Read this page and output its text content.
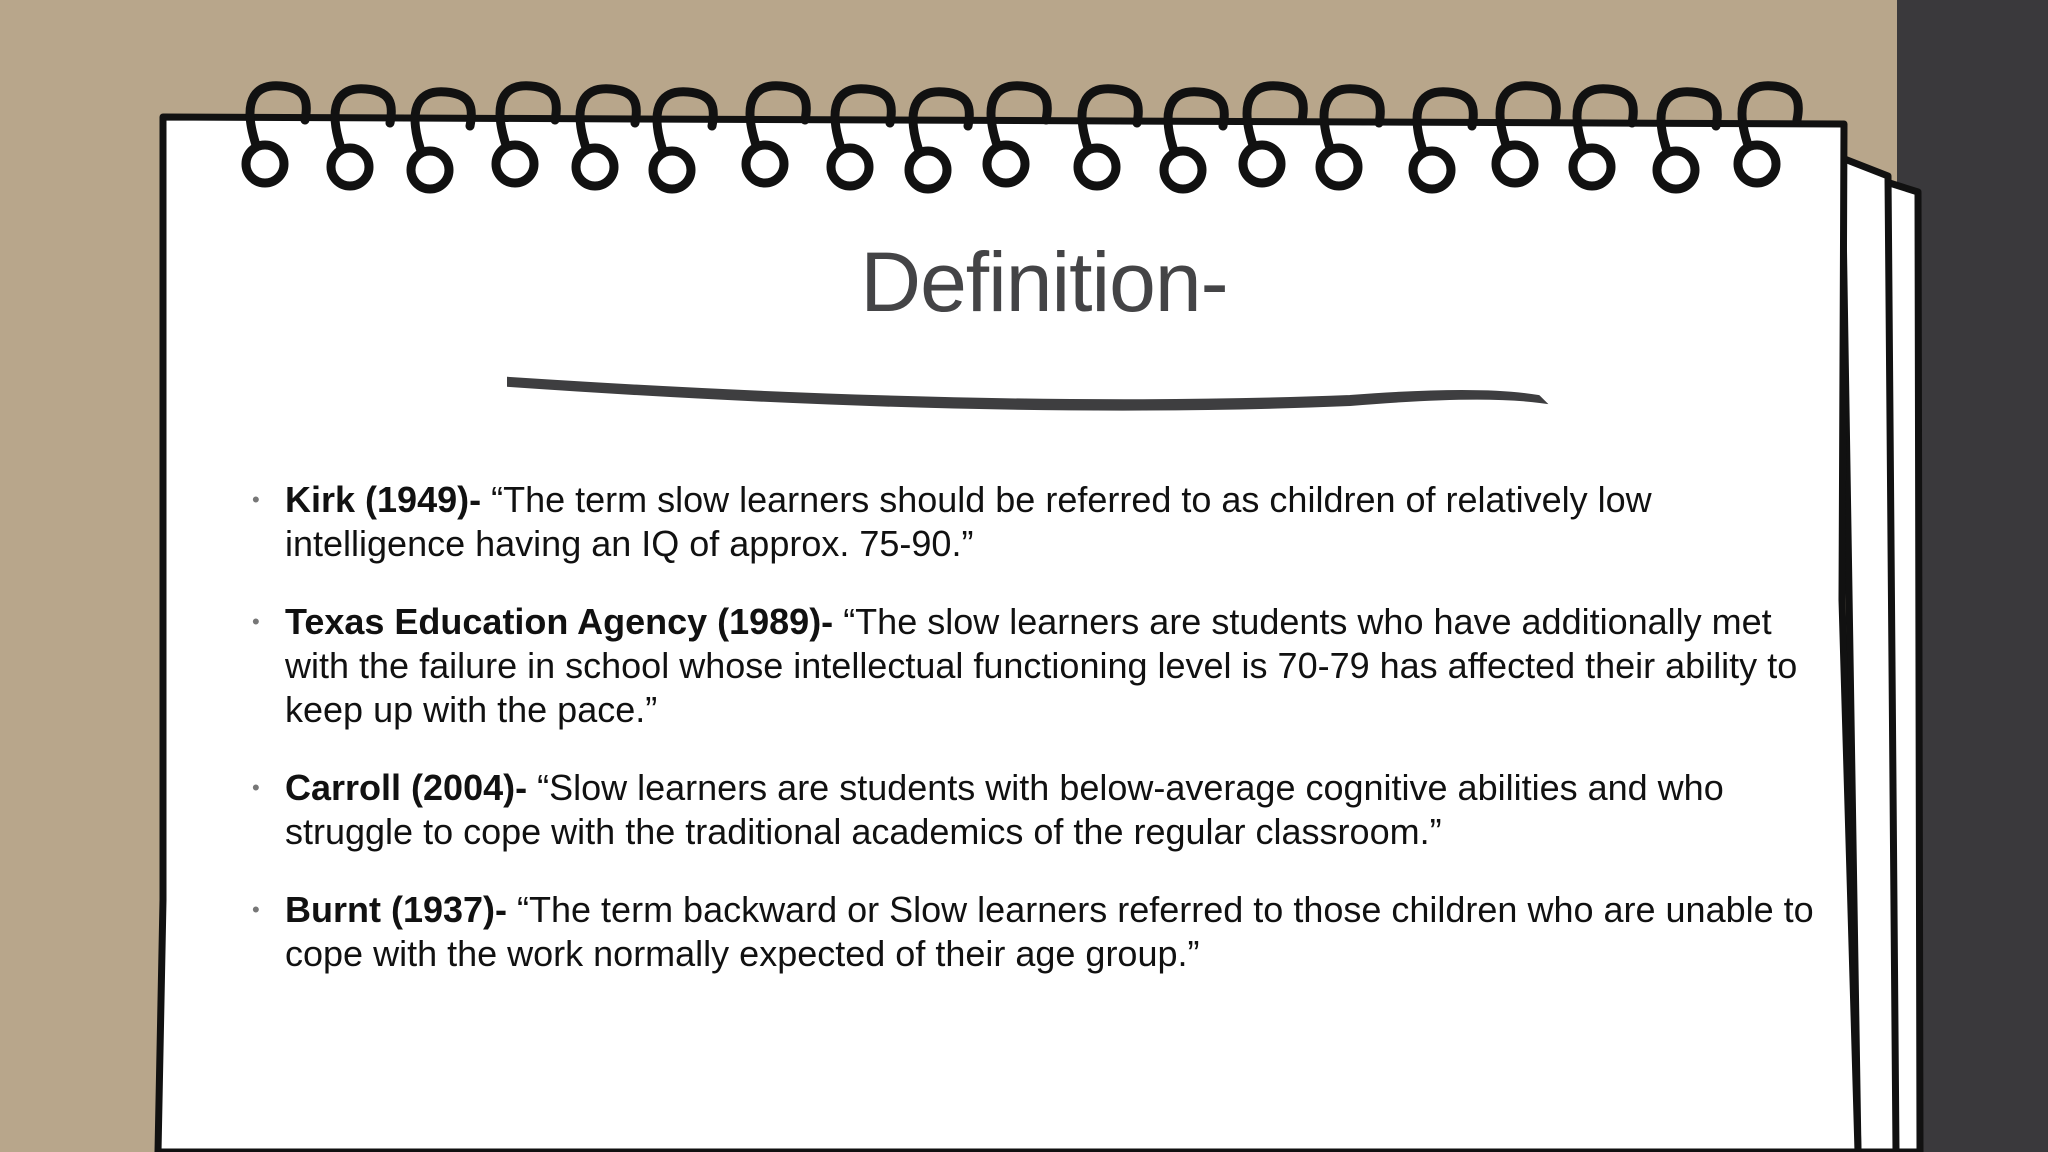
Definition-
• Kirk (1949)- “The term slow learners should be referred to as children of relatively low intelligence having an IQ of approx. 75-90.”
• Texas Education Agency (1989)- “The slow learners are students who have additionally met with the failure in school whose intellectual functioning level is 70-79 has affected their ability to keep up with the pace.”
• Carroll (2004)- “Slow learners are students with below-average cognitive abilities and who struggle to cope with the traditional academics of the regular classroom.”
• Burnt (1937)- “The term backward or Slow learners referred to those children who are unable to cope with the work normally expected of their age group.”
